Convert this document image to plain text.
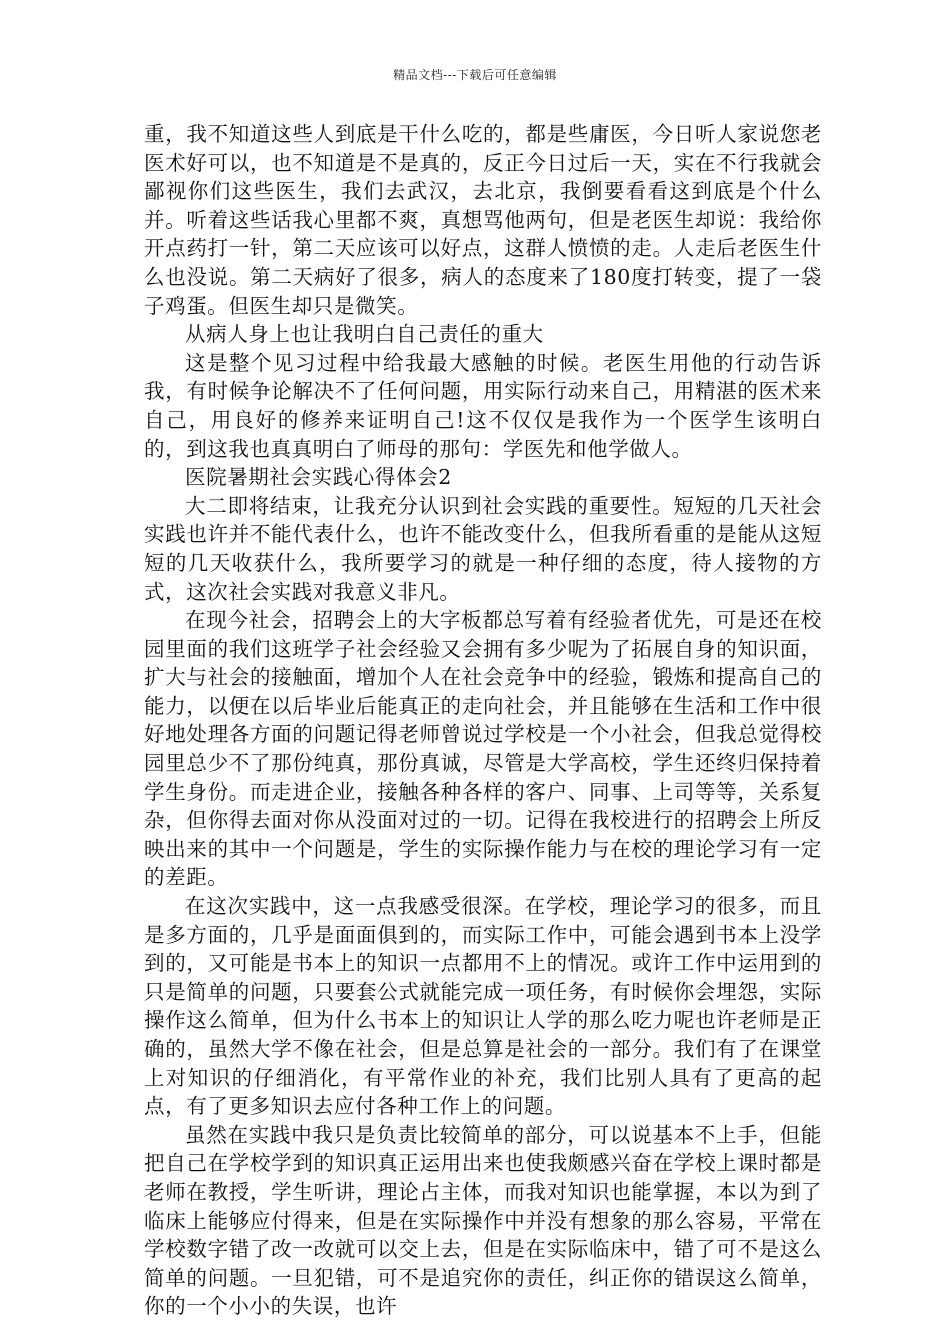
精品文档---下载后可任意编辑

重，我不知道这些人到底是干什么吃的，都是些庸医，今日听人家说您老医术好可以，也不知道是不是真的，反正今日过后一天，实在不行我就会鄙视你们这些医生，我们去武汉，去北京，我倒要看看这到底是个什么并。听着这些话我心里都不爽，真想骂他两句，但是老医生却说：我给你开点药打一针，第二天应该可以好点，这群人愤愤的走。人走后老医生什么也没说。第二天病好了很多，病人的态度来了180度打转变，提了一袋子鸡蛋。但医生却只是微笑。

从病人身上也让我明白自己责任的重大

这是整个见习过程中给我最大感触的时候。老医生用他的行动告诉我，有时候争论解决不了任何问题，用实际行动来自己，用精湛的医术来自己，用良好的修养来证明自己!这不仅仅是我作为一个医学生该明白的，到这我也真真明白了师母的那句：学医先和他学做人。

医院暑期社会实践心得体会2

大二即将结束，让我充分认识到社会实践的重要性。短短的几天社会实践也许并不能代表什么，也许不能改变什么，但我所看重的是能从这短短的几天收获什么，我所要学习的就是一种仔细的态度，待人接物的方式，这次社会实践对我意义非凡。

在现今社会，招聘会上的大字板都总写着有经验者优先，可是还在校园里面的我们这班学子社会经验又会拥有多少呢为了拓展自身的知识面，扩大与社会的接触面，增加个人在社会竞争中的经验，锻炼和提高自己的能力，以便在以后毕业后能真正的走向社会，并且能够在生活和工作中很好地处理各方面的问题记得老师曾说过学校是一个小社会，但我总觉得校园里总少不了那份纯真，那份真诚，尽管是大学高校，学生还终归保持着学生身份。而走进企业，接触各种各样的客户、同事、上司等等，关系复杂，但你得去面对你从没面对过的一切。记得在我校进行的招聘会上所反映出来的其中一个问题是，学生的实际操作能力与在校的理论学习有一定的差距。

在这次实践中，这一点我感受很深。在学校，理论学习的很多，而且是多方面的，几乎是面面俱到的，而实际工作中，可能会遇到书本上没学到的，又可能是书本上的知识一点都用不上的情况。或许工作中运用到的只是简单的问题，只要套公式就能完成一项任务，有时候你会埋怨，实际操作这么简单，但为什么书本上的知识让人学的那么吃力呢也许老师是正确的，虽然大学不像在社会，但是总算是社会的一部分。我们有了在课堂上对知识的仔细消化，有平常作业的补充，我们比别人具有了更高的起点，有了更多知识去应付各种工作上的问题。

虽然在实践中我只是负责比较简单的部分，可以说基本不上手，但能把自己在学校学到的知识真正运用出来也使我颇感兴奋在学校上课时都是老师在教授，学生听讲，理论占主体，而我对知识也能掌握，本以为到了临床上能够应付得来，但是在实际操作中并没有想象的那么容易，平常在学校数字错了改一改就可以交上去，但是在实际临床中，错了可不是这么简单的问题。一旦犯错，可不是追究你的责任，纠正你的错误这么简单，你的一个小小的失误，也许
